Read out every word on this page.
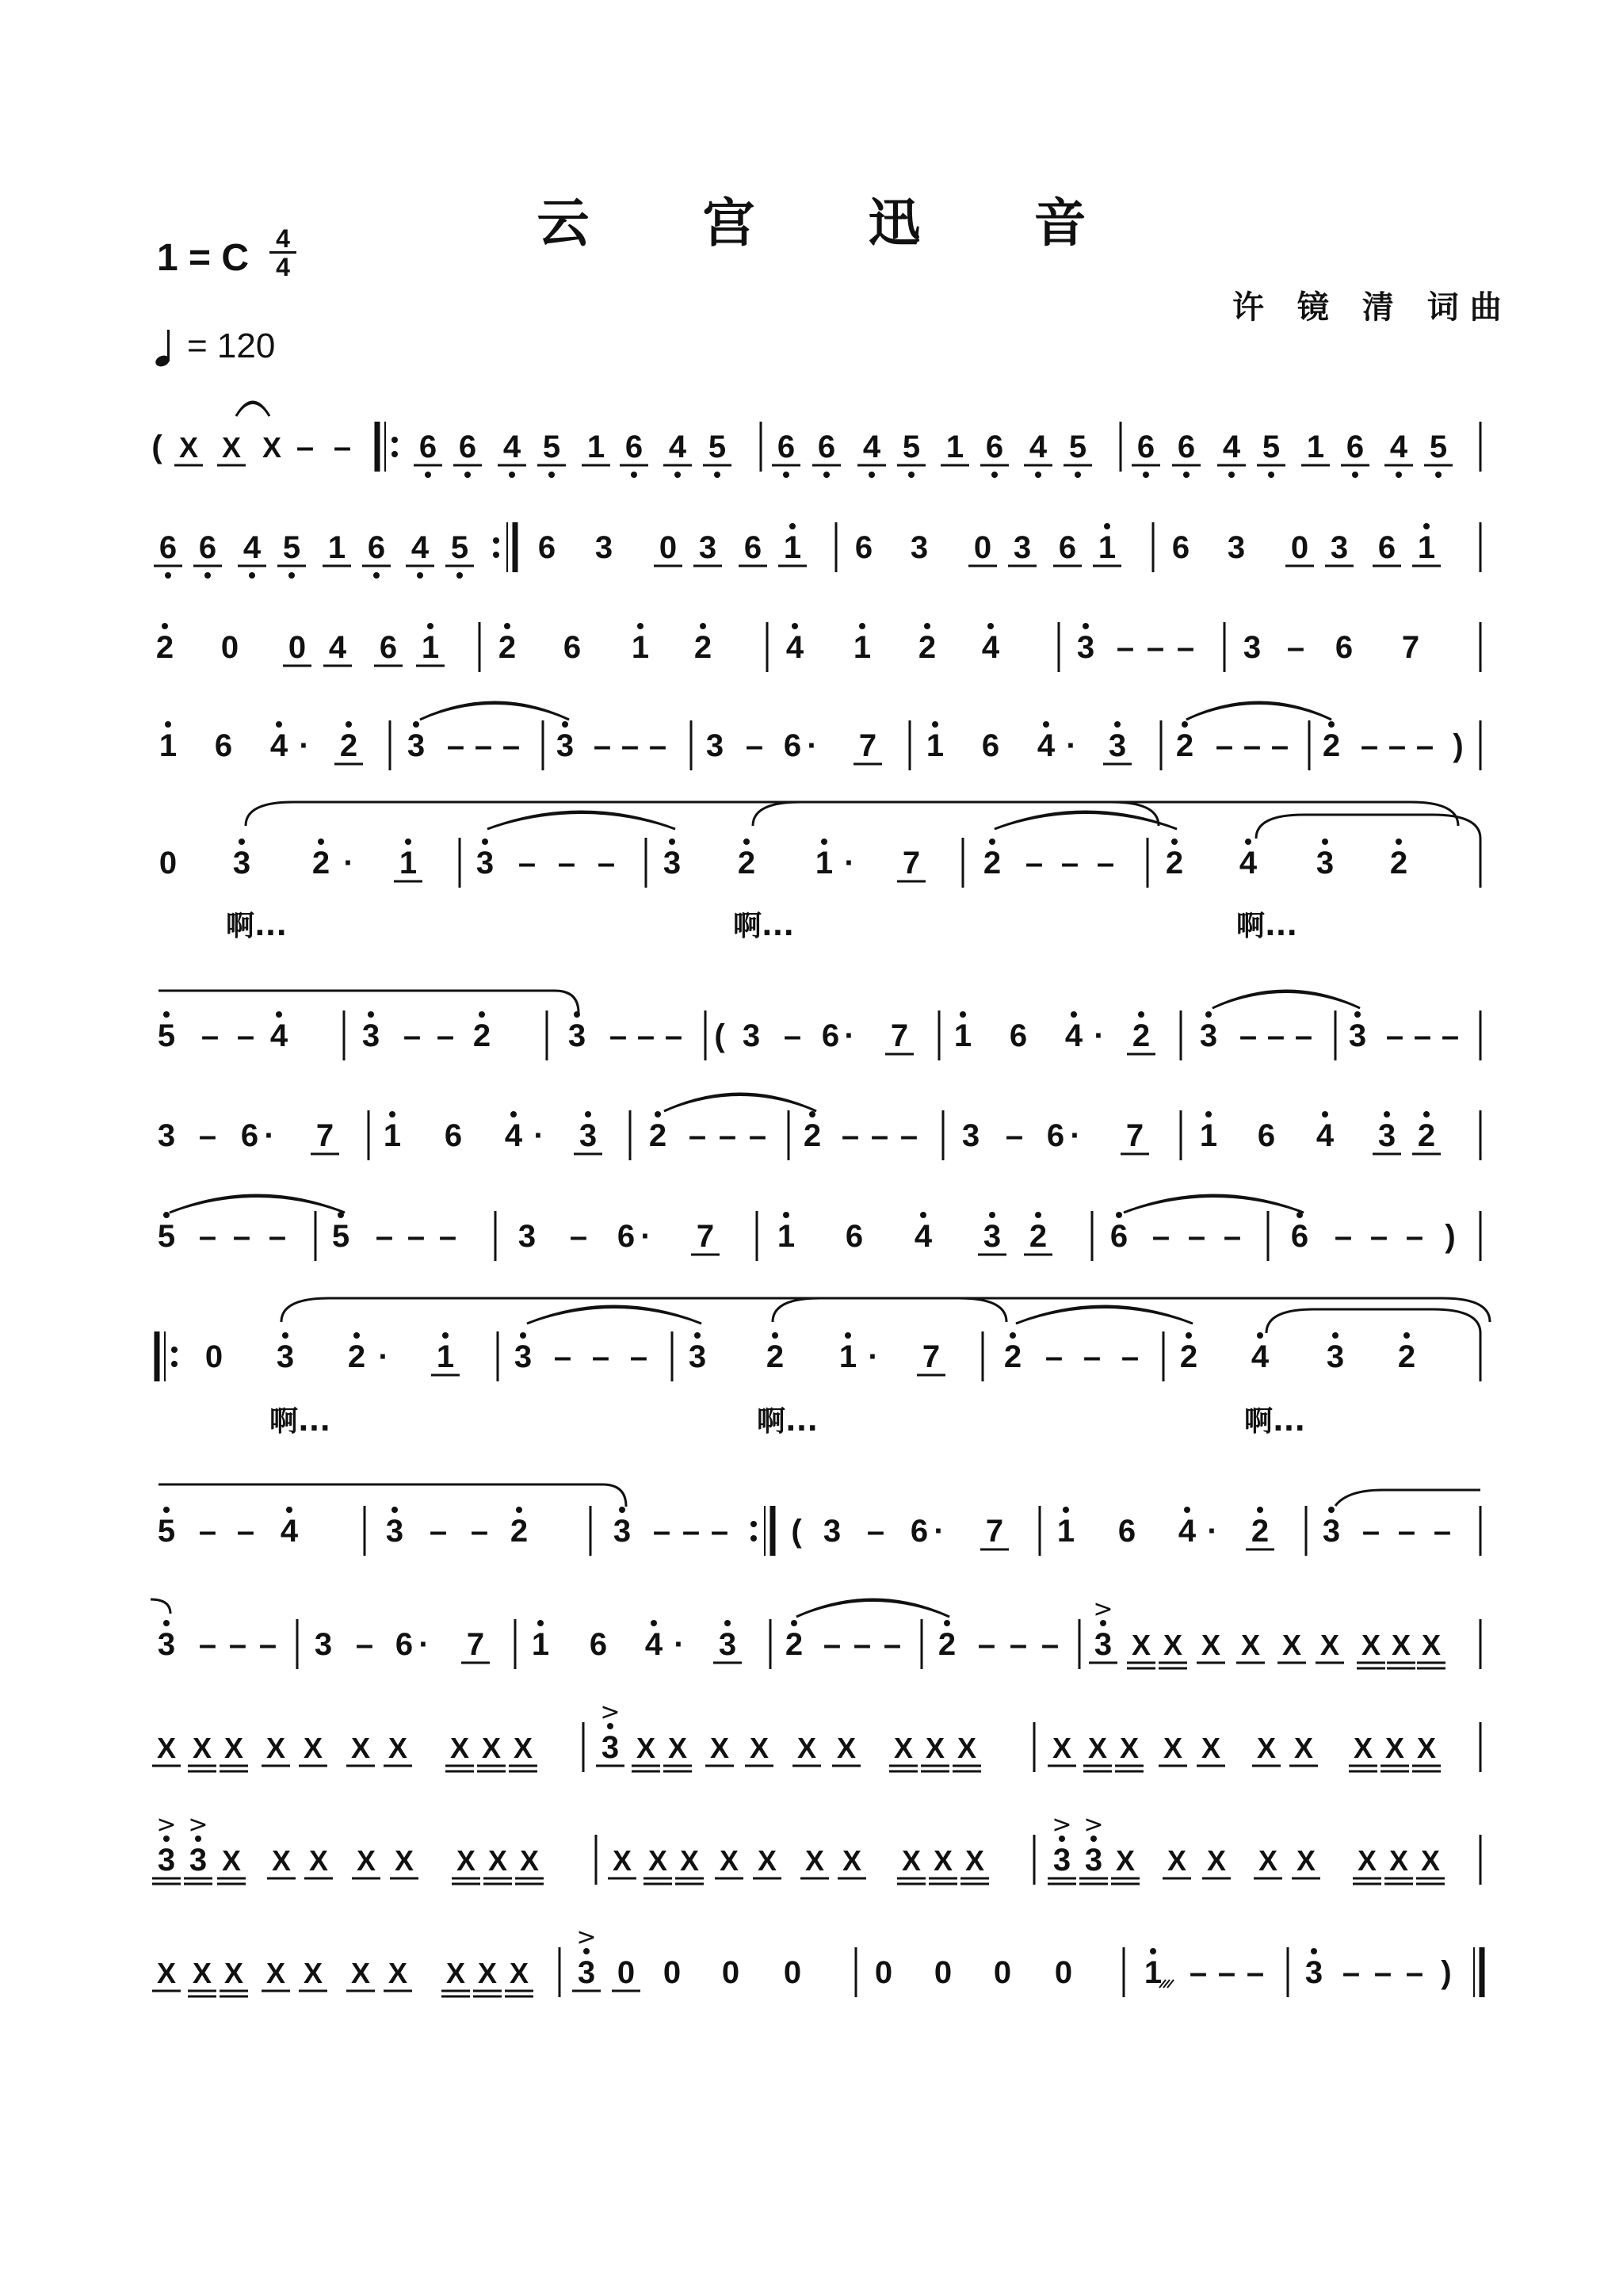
云 宫 迅 音
1 = C 4
4
许 镜 清 词曲
= 120
( X X X – – 6 6 4 5 1 6 4 5 6 6 4 5 1 6 4 5 6 6 4 5 1 6 4 5
6 6 4 5 1 6 4 5 6 3 0 3 6 1 6 3 0 3 6 1 6 3 0 3 6 1
2 0 0 4 6 1 2 6 1 2 4 1 2 4 3 – – – 3 – 6 7
1 6 4 · 2 3 – – – 3 – – – 3 – 6 · 7 1 6 4 · 3 2 – – – 2 – – – )
0 3 2 · 1 3 – – – 3 2 1 · 7 2 – – – 2 4 3 2
5 – – 4 3 – – 2 3 – – – ( 3 – 6 · 7 1 6 4 · 2 3 – – – 3 – – –
3 – 6 · 7 1 6 4 · 3 2 – – – 2 – – – 3 – 6 · 7 1 6 4 3 2
5 – – – 5 – – – 3 – 6 · 7 1 6 4 3 2 6 – – – 6 – – – )
0 3 2 · 1 3 – – – 3 2 1 · 7 2 – – – 2 4 3 2
5 – – 4	3 – – 2	3 – – – ( 3 – 6 · 7 1 6 4 · 2 3 – – –
3 – – – 3 – 6 · 7 1 6 4 · 3 2 – – – 2 – – – 3
>
X X X X X X X X X
X X X X X X X X X X 3
>
X X X X X X X X X	X X X X X X X X X X
3
>
3
>
X X X X X X X X	X X X X X X X X X X 3
>
3
>
X X X X X X X X
X X X X X X X X X X 3
>
0 0 0 0 0 0 0 0 1 – – – 3 – – – )
啊...	啊...	啊...
啊...	啊...	啊...
